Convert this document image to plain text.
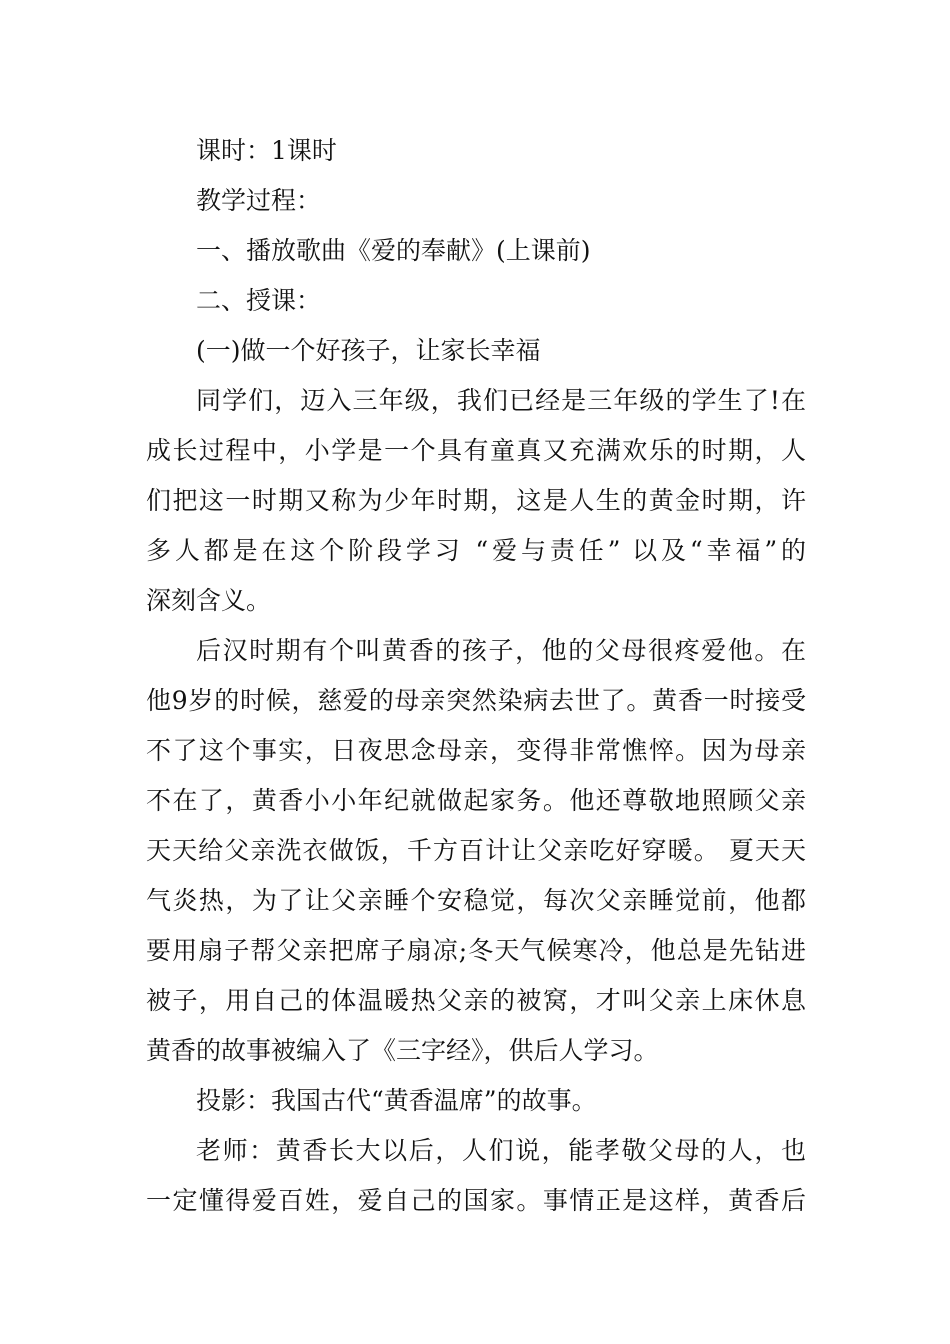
课时：1课时
教学过程：
一、播放歌曲《爱的奉献》(上课前)
二、授课：
(一)做一个好孩子，让家长幸福
同学们，迈入三年级，我们已经是三年级的学生了!在
成长过程中，小学是一个具有童真又充满欢乐的时期，人
们把这一时期又称为少年时期，这是人生的黄金时期，许
多人都是在这个阶段学习 “爱与责任” 以及“幸福”的
深刻含义。
后汉时期有个叫黄香的孩子，他的父母很疼爱他。在
他9岁的时候，慈爱的母亲突然染病去世了。黄香一时接受
不了这个事实，日夜思念母亲，变得非常憔悴。因为母亲
不在了，黄香小小年纪就做起家务。他还尊敬地照顾父亲
天天给父亲洗衣做饭，千方百计让父亲吃好穿暖。 夏天天
气炎热，为了让父亲睡个安稳觉，每次父亲睡觉前，他都
要用扇子帮父亲把席子扇凉;冬天气候寒冷，他总是先钻进
被子，用自己的体温暖热父亲的被窝，才叫父亲上床休息
黄香的故事被编入了《三字经》，供后人学习。
投影：我国古代“黄香温席”的故事。
老师：黄香长大以后，人们说，能孝敬父母的人，也
一定懂得爱百姓，爱自己的国家。事情正是这样，黄香后
